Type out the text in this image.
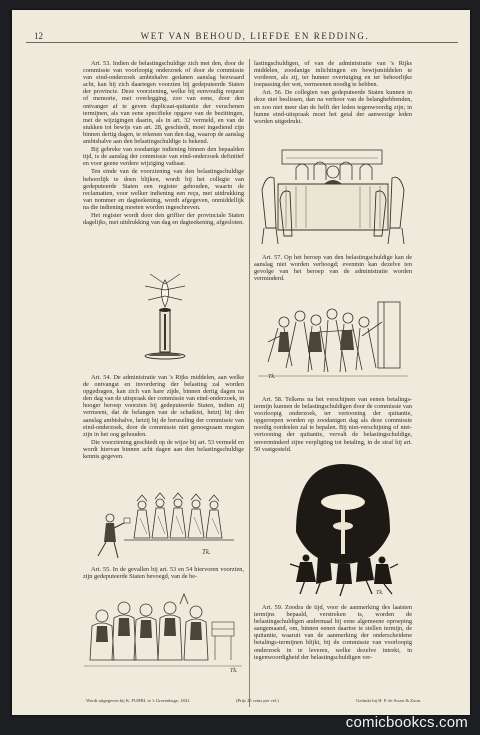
12	WET VAN BEHOUD, LIEFDE EN REDDING.

Art. 53. Indien de belastingschuldige zich met den, door de commissie van voorloopig onderzoek of door de commissie van eind-onderzoek ambtshalve gedanen aanslag bezwaard acht, kan hij zich daartegen voorzien bij gedeputeerde Staten der provincie. Deze voorziening, welke bij eenvoudig request of memorie, met overlegging, zoo van eene, door den ontvanger af te geven duplicaat-quitantie der verschenen termijnen, als van eene specifieke opgave van de bezittingen, met de wijzigingen daarin, als in art. 32 vermeld, en van de stukken tot bewijs van art. 28, geschiedt, moet ingediend zijn binnen dertig dagen, te rekenen van den dag, waarop de aanslag ambtshalve aan den belastingschuldige is bekend.

Bij gebreke van zoodanige indiening binnen den bepaalden tijd, is de aanslag der commissie van eind-onderzoek definitief en voor geene verdere wijziging vatbaar.

Ten einde van de voorziening van den belastingschuldige behoorlijk te doen blijken, wordt bij het collegie van gedeputeerde Staten een register gehouden, waarin de reclamatien, voor welker indiening een reçu, met uitdrukking van nommer en dagteekening, wordt afgegeven, onmiddellijk na die indiening moeten worden ingeschreven.

Het register wordt door den griffier der provinciale Staten dagelijks, met uitdrukking van dag en dagteekening, afgesloten.

Art. 54. De administratie van 's Rijks middelen, aan welke de ontvangst en invordering der belasting zal worden opgedragen, kan zich van hare zijde, binnen dertig dagen na den dag van de uitspraak der commissie van eind-onderzoek, in hooger beroep voorzien bij gedeputeerde Staten, indien zij vermeent, dat de belangen van de schatkist, hetzij bij den aanslag ambtshalve, hetzij bij de beruseling der commissie van eind-onderzoek, door de commissie niet genoegzaam mogten zijn in het oog gehouden.

Die voorziening geschiedt op de wijze bij art. 53 vermeld en wordt hiervan binnen acht dagen aan den belastingschuldige kennis gegeven.

Tk.

Art. 55. In de gevallen bij art. 53 en 54 hiervoren voorzien, zijn gedeputeerde Staten bevoegd, van de be-

Tk.

lastingschuldigen, of van de administratie van 's Rijks middelen, zoodanige inlichtingen en bewijsmiddelen te vorderen, als zij, ter hunner overtuiging en ter behoorlijke toepassing der wet, vermeenen noodig te hebben.

Art. 56. De collegien van gedeputeerde Staten kunnen in deze niet beslissen, dan na verhoor van de belanghebbenden, en zoo niet meer dan de helft der leden tegenwoordig zijn; in hunne eind-uitspraak moet het getal der aanwezige leden worden uitgedrukt.

Art. 57. Op het beroep van den belastingschuldige kan de aanslag niet worden verhoogd; evenmin kan dezelve ten gevolge van het beroep van de administratie worden verminderd.

Tk.

Art. 58. Telkens na het verschijnen van eenen betalings-termijn kunnen de belastingschuldigen door de commissie van voorloopig onderzoek, ter vertooning der quitantie, opgeroepen worden op zoodanigen dag als deze commissie noodig oordeelen zal te bepalen. Bij niet-verschijning of niet-vertooning der quitantie, vervalt de belastingschuldige, onverminderd zijne verpligting tot betaling, in de straf bij art. 50 vastgesteld.

Tk.

Art. 59. Zoodra de tijd, voor de aanmerking des laatsten termijns bepaald, verstreken is, worden de belastingschuldigen andermaal bij eene algemeene oproeping aangemaand, om, binnen eenen daartoe te stellen termijn, de quitantie, waaruit van de aanmerking der onderscheidene betalings-termijnen blijkt, bij de commissie van voorloopig onderzoek in te leveren, welke dezelve intrekt, in tegenwoordigheid der belastingschuldigen ver-

Wordt uitgegeven bij K. FUHRI, te 's Gravenhage, 1841.	(Prijs 25 cents per vel.)	Gedrukt bij H. P. de Swart & Zoon.
comicbookcs.com
